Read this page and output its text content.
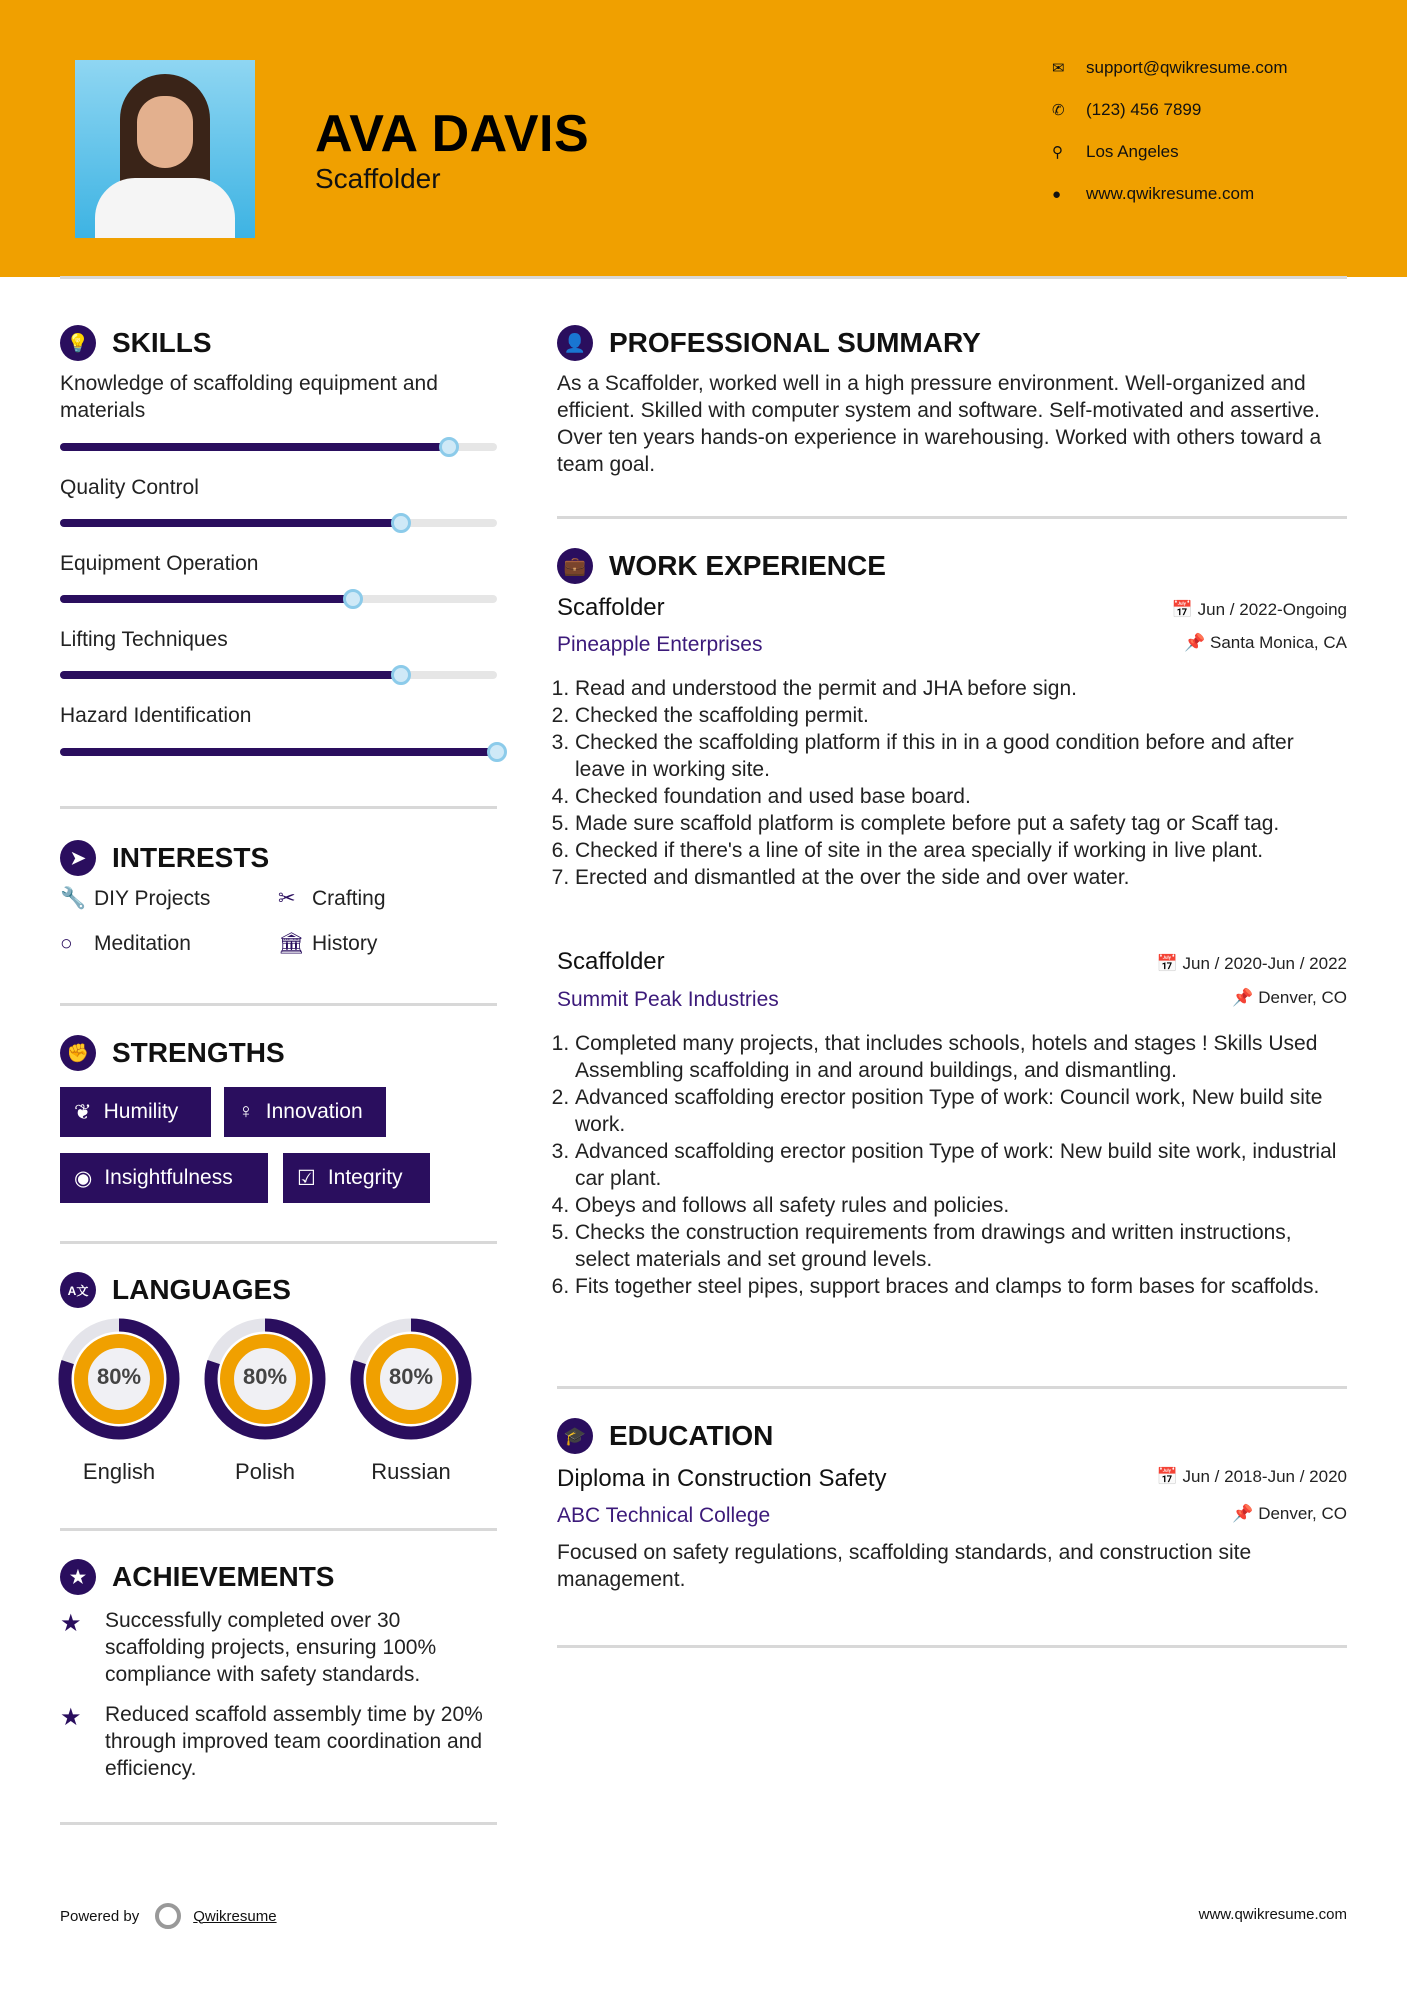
AVA DAVIS
Scaffolder
✉	support@qwikresume.com
✆	(123) 456 7899
⚲	Los Angeles
●	www.qwikresume.com
💡 SKILLS
➤ INTERESTS
✊ STRENGTHS
A文 LANGUAGES
★ ACHIEVEMENTS
👤 PROFESSIONAL SUMMARY
As a Scaffolder, worked well in a high pressure environment. Well-organized and efficient. Skilled with computer system and software. Self-motivated and assertive. Over ten years hands-on experience in warehousing. Worked with others toward a team goal.
💼 WORK EXPERIENCE
🎓 EDUCATION
Diploma in Construction Safety
ABC Technical College
📅 Jun / 2018-Jun / 2020
📌 Denver, CO
Focused on safety regulations, scaffolding standards, and construction site management.
Powered by	Qwikresume	www.qwikresume.com
Knowledge of scaffolding equipment and materials
Quality Control
Equipment Operation
Lifting Techniques
Hazard Identification
🔧 DIY Projects	✂ Crafting
○	Meditation	🏛 History
❦ Humility	♀ Innovation
◉ Insightfulness	☑ Integrity
80%
English
80%
Polish
80%
Russian
★ Successfully completed over 30 scaffolding projects, ensuring 100% compliance with safety standards.
★ Reduced scaffold assembly time by 20% through improved team coordination and efficiency.
Scaffolder
Pineapple Enterprises
📅 Jun / 2022-Ongoing
📌 Santa Monica, CA
1. Read and understood the permit and JHA before sign.
2. Checked the scaffolding permit.
3. Checked the scaffolding platform if this in in a good condition before and after leave in working site.
4. Checked foundation and used base board.
5. Made sure scaffold platform is complete before put a safety tag or Scaff tag.
6. Checked if there's a line of site in the area specially if working in live plant.
7. Erected and dismantled at the over the side and over water.
Scaffolder
Summit Peak Industries
📅 Jun / 2020-Jun / 2022
📌 Denver, CO
1. Completed many projects, that includes schools, hotels and stages ! Skills Used Assembling scaffolding in and around buildings, and dismantling.
2. Advanced scaffolding erector position Type of work: Council work, New build site work.
3. Advanced scaffolding erector position Type of work: New build site work, industrial car plant.
4. Obeys and follows all safety rules and policies.
5. Checks the construction requirements from drawings and written instructions, select materials and set ground levels.
6. Fits together steel pipes, support braces and clamps to form bases for scaffolds.
